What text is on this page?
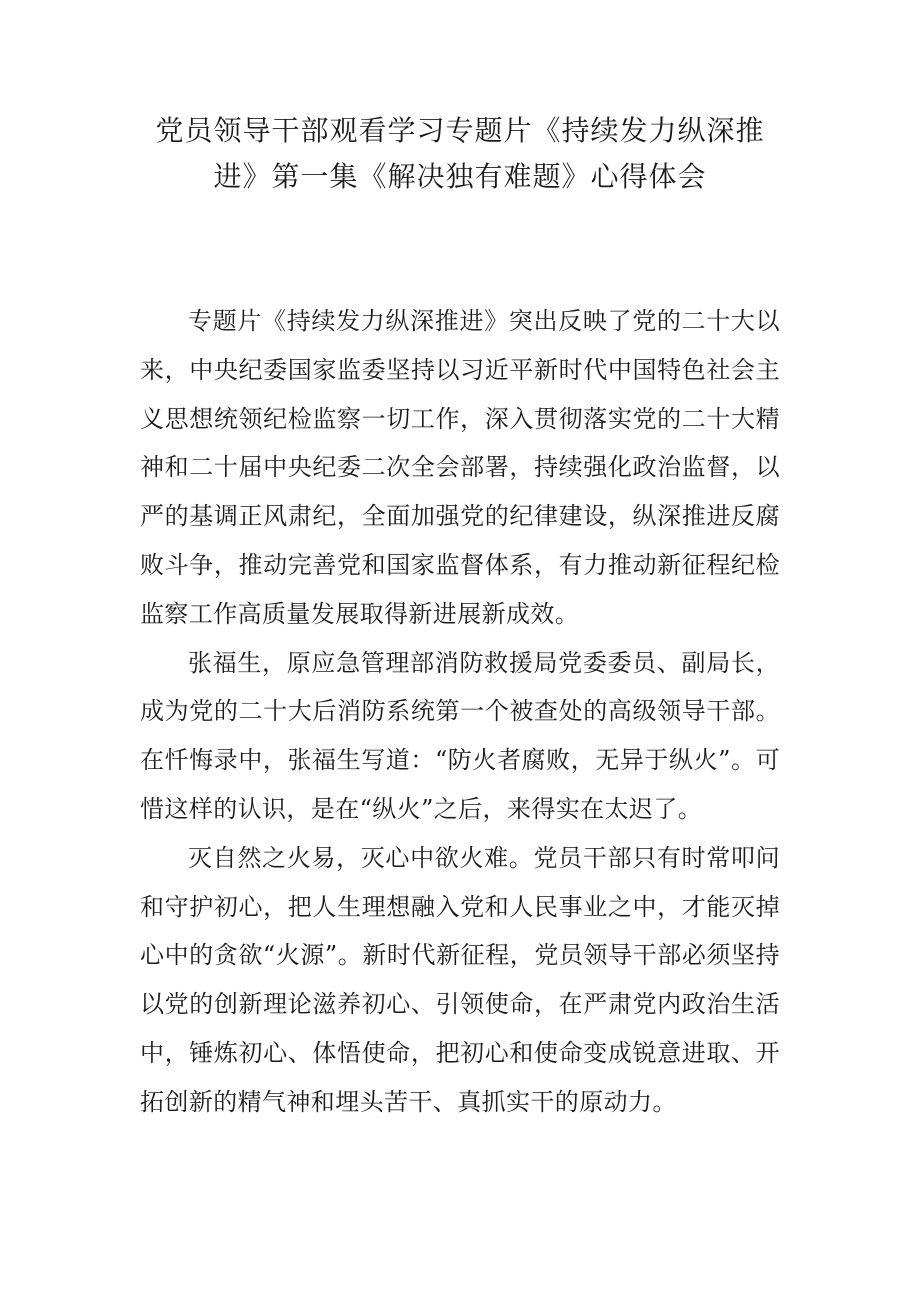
党员领导干部观看学习专题片《持续发力纵深推
进》第一集《解决独有难题》心得体会

专题片《持续发力纵深推进》突出反映了党的二十大以来，中央纪委国家监委坚持以习近平新时代中国特色社会主义思想统领纪检监察一切工作，深入贯彻落实党的二十大精神和二十届中央纪委二次全会部署，持续强化政治监督，以严的基调正风肃纪，全面加强党的纪律建设，纵深推进反腐败斗争，推动完善党和国家监督体系，有力推动新征程纪检监察工作高质量发展取得新进展新成效。

张福生，原应急管理部消防救援局党委委员、副局长，成为党的二十大后消防系统第一个被查处的高级领导干部。在忏悔录中，张福生写道：“防火者腐败，无异于纵火”。可惜这样的认识，是在“纵火”之后，来得实在太迟了。

灭自然之火易，灭心中欲火难。党员干部只有时常叩问和守护初心，把人生理想融入党和人民事业之中，才能灭掉心中的贪欲“火源”。新时代新征程，党员领导干部必须坚持以党的创新理论滋养初心、引领使命，在严肃党内政治生活中，锤炼初心、体悟使命，把初心和使命变成锐意进取、开拓创新的精气神和埋头苦干、真抓实干的原动力。
